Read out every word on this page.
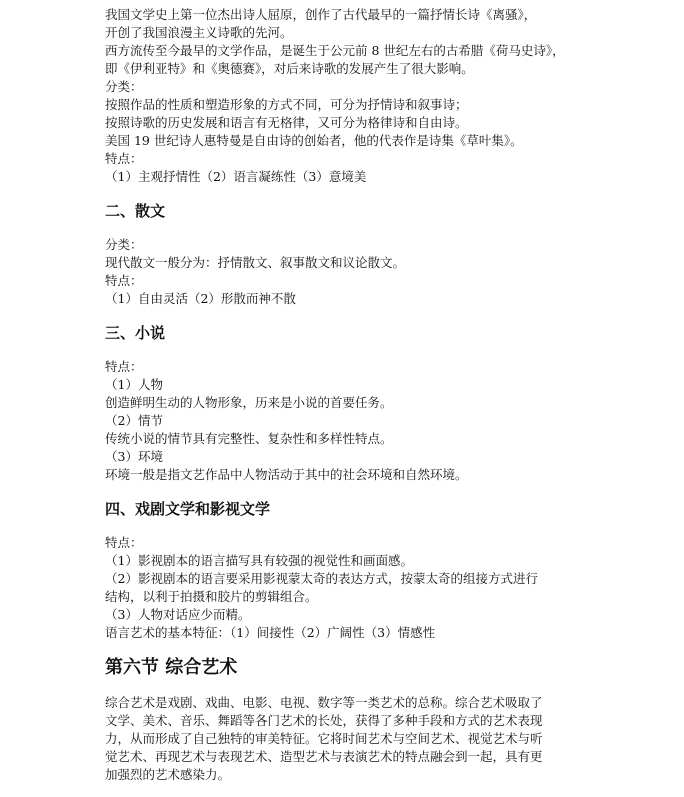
我国文学史上第一位杰出诗人屈原，创作了古代最早的一篇抒情长诗《离骚》，

开创了我国浪漫主义诗歌的先河。

西方流传至今最早的文学作品，是诞生于公元前 8 世纪左右的古希腊《荷马史诗》，

即《伊利亚特》和《奥德赛》，对后来诗歌的发展产生了很大影响。

分类：

按照作品的性质和塑造形象的方式不同，可分为抒情诗和叙事诗；

按照诗歌的历史发展和语言有无格律，又可分为格律诗和自由诗。

美国 19 世纪诗人惠特曼是自由诗的创始者，他的代表作是诗集《草叶集》。

特点：

（1）主观抒情性（2）语言凝练性（3）意境美

二、散文

分类：

现代散文一般分为：抒情散文、叙事散文和议论散文。

特点：

（1）自由灵活（2）形散而神不散

三、小说

特点：

（1）人物

创造鲜明生动的人物形象，历来是小说的首要任务。

（2）情节

传统小说的情节具有完整性、复杂性和多样性特点。

（3）环境

环境一般是指文艺作品中人物活动于其中的社会环境和自然环境。

四、戏剧文学和影视文学

特点：

（1）影视剧本的语言描写具有较强的视觉性和画面感。

（2）影视剧本的语言要采用影视蒙太奇的表达方式，按蒙太奇的组接方式进行

结构，以利于拍摄和胶片的剪辑组合。

（3）人物对话应少而精。

语言艺术的基本特征：（1）间接性（2）广阔性（3）情感性

第六节 综合艺术

综合艺术是戏剧、戏曲、电影、电视、数字等一类艺术的总称。综合艺术吸取了

文学、美术、音乐、舞蹈等各门艺术的长处，获得了多种手段和方式的艺术表现

力，从而形成了自己独特的审美特征。它将时间艺术与空间艺术、视觉艺术与听

觉艺术、再现艺术与表现艺术、造型艺术与表演艺术的特点融会到一起，具有更

加强烈的艺术感染力。
